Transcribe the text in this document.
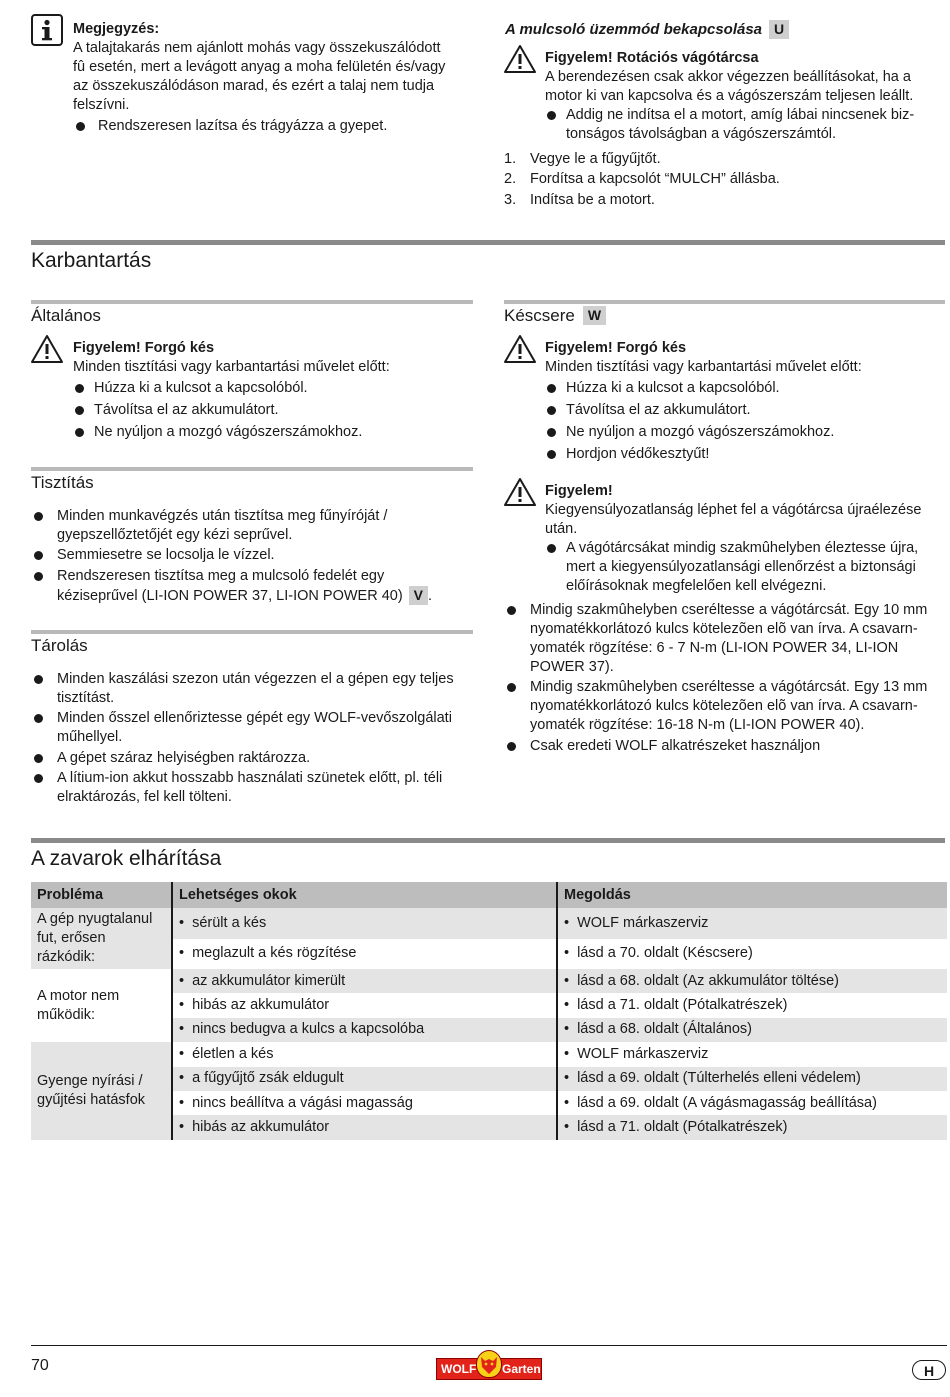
Megjegyzés:

A talajtakarás nem ajánlott mohás vagy összekuszálódott

fû esetén, mert a levágott anyag a moha felületén és/vagy

az összekuszálódáson marad, és ezért a talaj nem tudja

felszívni.

Rendszeresen lazítsa és trágyázza a gyepet.
A mulcsoló üzemmód bekapcsolása U

Figyelem! Rotációs vágótárcsa

A berendezésen csak akkor végezzen beállításokat, ha a

motor ki van kapcsolva és a vágószerszám teljesen leállt.

Addig ne indítsa el a motort, amíg lábai nincsenek biz-
tonságos távolságban a vágószerszámtól.
1. Vegye le a fűgyűjtőt.
2. Fordítsa a kapcsolót “MULCH” állásba.
3. Indítsa be a motort.
Karbantartás
Általános

Figyelem! Forgó kés

Minden tisztítási vagy karbantartási művelet előtt:

Húzza ki a kulcsot a kapcsolóból.
Távolítsa el az akkumulátort.
Ne nyúljon a mozgó vágószerszámokhoz.
Tisztítás
Minden munkavégzés után tisztítsa meg fűnyíróját /
gyepszellőztetőjét egy kézi seprűvel.
Semmiesetre se locsolja le vízzel.
Rendszeresen tisztítsa meg a mulcsoló fedelét egy
kéziseprűvel (LI-ION POWER 37, LI-ION POWER 40) V .
Tárolás
Minden kaszálási szezon után végezzen el a gépen egy teljes
tisztítást.
Minden ősszel ellenőriztesse gépét egy WOLF-vevőszolgálati
műhellyel.
A gépet száraz helyiségben raktározza.
A lítium-ion akkut hosszabb használati szünetek előtt, pl. téli
elraktározás, fel kell tölteni.
Késcsere W

Figyelem! Forgó kés

Minden tisztítási vagy karbantartási művelet előtt:

Húzza ki a kulcsot a kapcsolóból.
Távolítsa el az akkumulátort.
Ne nyúljon a mozgó vágószerszámokhoz.
Hordjon védőkesztyűt!

Figyelem!

Kiegyensúlyozatlanság léphet fel a vágótárcsa újraélezése

után.

A vágótárcsákat mindig szakmûhelyben éleztesse újra,
mert a kiegyensúlyozatlansági ellenőrzést a biztonsági
előírásoknak megfelelően kell elvégezni.
Mindig szakmûhelyben cseréltesse a vágótárcsát. Egy 10 mm
nyomatékkorlátozó kulcs kötelezõen elõ van írva. A csavarn-
yomaték rögzítése: 6 - 7 N-m (LI-ION POWER 34, LI-ION
POWER 37).
Mindig szakmûhelyben cseréltesse a vágótárcsát. Egy 13 mm
nyomatékkorlátozó kulcs kötelezõen elõ van írva. A csavarn-
yomaték rögzítése: 16-18 N-m (LI-ION POWER 40).
Csak eredeti WOLF alkatrészeket használjon
A zavarok elhárítása
Probléma	Lehetséges okok	Megoldás
A gép nyugtalanul
fut, erősen rázkódik:	• sérült a kés	• WOLF márkaszerviz
	• meglazult a kés rögzítése	• lásd a 70. oldalt (Késcsere)
A motor nem
működik:	• az akkumulátor kimerült	• lásd a 68. oldalt (Az akkumulátor töltése)
	• hibás az akkumulátor	• lásd a 71. oldalt (Pótalkatrészek)
	• nincs bedugva a kulcs a kapcsolóba	• lásd a 68. oldalt (Általános)
Gyenge nyírási /
gyűjtési hatásfok	• életlen a kés	• WOLF márkaszerviz
	• a fűgyűjtő zsák eldugult	• lásd a 69. oldalt (Túlterhelés elleni védelem)
	• nincs beállítva a vágási magasság	• lásd a 69. oldalt (A vágásmagasság beállítása)
	• hibás az akkumulátor	• lásd a 71. oldalt (Pótalkatrészek)
70	WOLF Garten	H
